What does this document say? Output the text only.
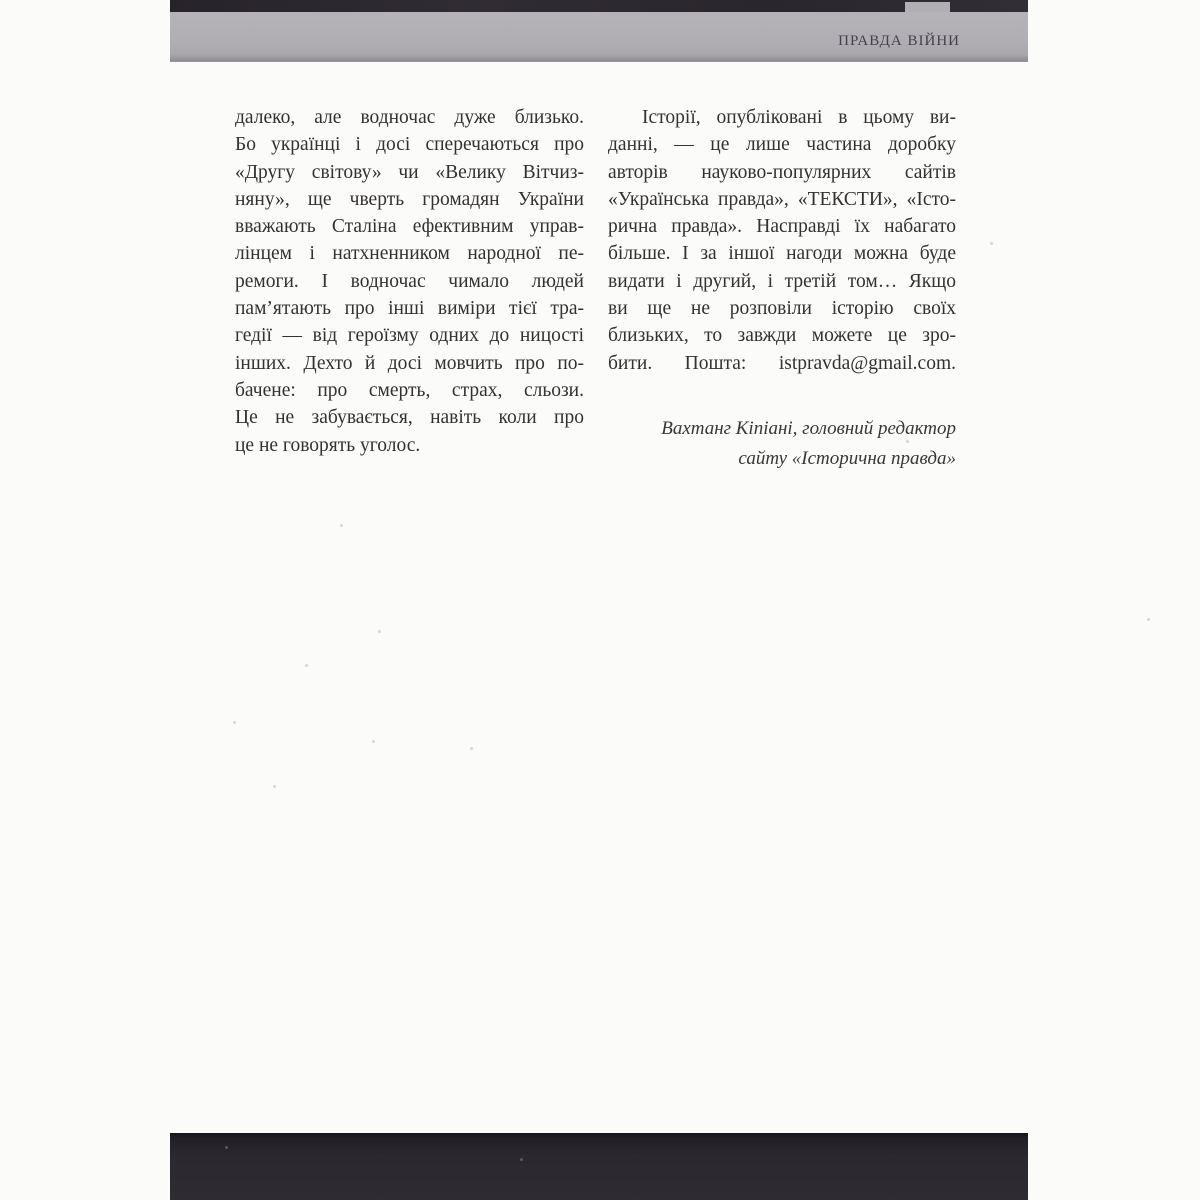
ПРАВДА ВІЙНИ
далеко, але водночас дуже близько.
Бо українці і досі сперечаються про
«Другу світову» чи «Велику Вітчиз-
няну», ще чверть громадян України
вважають Сталіна ефективним управ-
лінцем і натхненником народної пе-
ремоги. І водночас чимало людей
пам’ятають про інші виміри тієї тра-
гедії — від героїзму одних до ницості
інших. Дехто й досі мовчить про по-
бачене: про смерть, страх, сльози.
Це не забувається, навіть коли про
це не говорять уголос.
Історії, опубліковані в цьому ви-
данні, — це лише частина доробку
авторів науково-популярних сайтів
«Українська правда», «ТЕКСТИ», «Істо-
рична правда». Насправді їх набагато
більше. І за іншої нагоди можна буде
видати і другий, і третій том… Якщо
ви ще не розповіли історію своїх
близьких, то завжди можете це зро-
бити. Пошта: istpravda@gmail.com.
Вахтанг Кіпіані, головний редактор
сайту «Історична правда»
